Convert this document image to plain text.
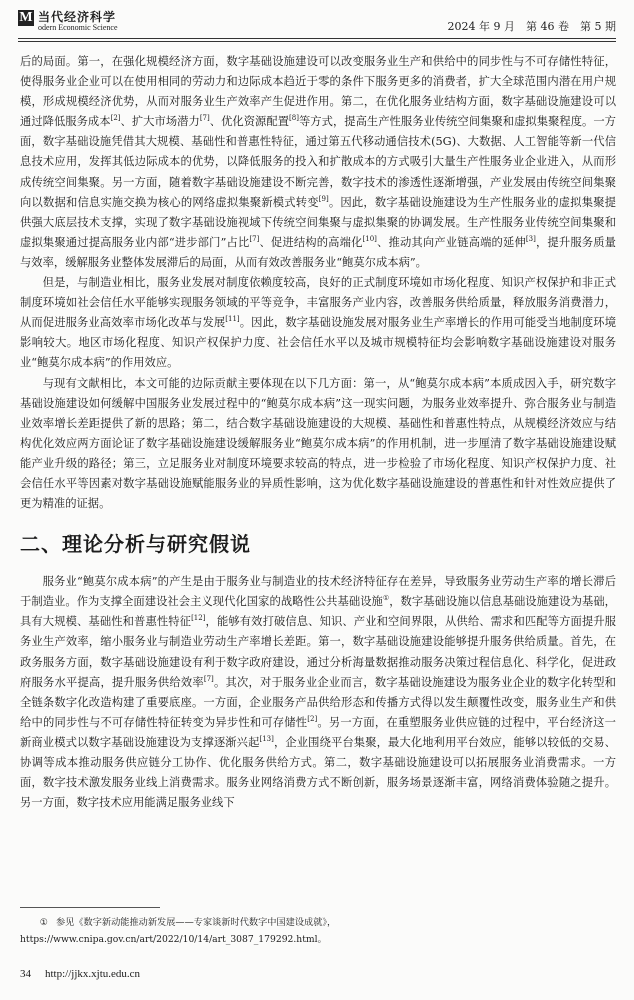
M 当代经济科学
odern Economic Science	2024 年 9 月　第 46 卷　第 5 期

后的局面。第一，在强化规模经济方面，数字基础设施建设可以改变服务业生产和供给中的同步性与不可存储性特征，使得服务业企业可以在使用相同的劳动力和边际成本趋近于零的条件下服务更多的消费者，扩大全球范围内潜在用户规模，形成规模经济优势，从而对服务业生产效率产生促进作用。第二，在优化服务业结构方面，数字基础设施建设可以通过降低服务成本[2]、扩大市场潜力[7]、优化资源配置[8]等方式，提高生产性服务业传统空间集聚和虚拟集聚程度。一方面，数字基础设施凭借其大规模、基础性和普惠性特征，通过第五代移动通信技术(5G)、大数据、人工智能等新一代信息技术应用，发挥其低边际成本的优势，以降低服务的投入和扩散成本的方式吸引大量生产性服务业企业进入，从而形成传统空间集聚。另一方面，随着数字基础设施建设不断完善，数字技术的渗透性逐渐增强，产业发展由传统空间集聚向以数据和信息实施交换为核心的网络虚拟集聚新模式转变[9]。因此，数字基础设施建设为生产性服务业的虚拟集聚提供强大底层技术支撑，实现了数字基础设施视域下传统空间集聚与虚拟集聚的协调发展。生产性服务业传统空间集聚和虚拟集聚通过提高服务业内部“进步部门”占比[7]、促进结构的高端化[10]、推动其向产业链高端的延伸[3]，提升服务质量与效率，缓解服务业整体发展滞后的局面，从而有效改善服务业“鲍莫尔成本病”。

但是，与制造业相比，服务业发展对制度依赖度较高，良好的正式制度环境如市场化程度、知识产权保护和非正式制度环境如社会信任水平能够实现服务领域的平等竞争，丰富服务产业内容，改善服务供给质量，释放服务消费潜力，从而促进服务业高效率市场化改革与发展[11]。因此，数字基础设施发展对服务业生产率增长的作用可能受当地制度环境影响较大。地区市场化程度、知识产权保护力度、社会信任水平以及城市规模特征均会影响数字基础设施建设对服务业“鲍莫尔成本病”的作用效应。

与现有文献相比，本文可能的边际贡献主要体现在以下几方面：第一，从“鲍莫尔成本病”本质成因入手，研究数字基础设施建设如何缓解中国服务业发展过程中的“鲍莫尔成本病”这一现实问题，为服务业效率提升、弥合服务业与制造业效率增长差距提供了新的思路；第二，结合数字基础设施建设的大规模、基础性和普惠性特点，从规模经济效应与结构优化效应两方面论证了数字基础设施建设缓解服务业“鲍莫尔成本病”的作用机制，进一步厘清了数字基础设施建设赋能产业升级的路径；第三，立足服务业对制度环境要求较高的特点，进一步检验了市场化程度、知识产权保护力度、社会信任水平等因素对数字基础设施赋能服务业的异质性影响，这为优化数字基础设施建设的普惠性和针对性效应提供了更为精准的证据。

二、理论分析与研究假说

服务业“鲍莫尔成本病”的产生是由于服务业与制造业的技术经济特征存在差异，导致服务业劳动生产率的增长滞后于制造业。作为支撑全面建设社会主义现代化国家的战略性公共基础设施①，数字基础设施以信息基础设施建设为基础，具有大规模、基础性和普惠性特征[12]，能够有效打破信息、知识、产业和空间界限，从供给、需求和匹配等方面提升服务业生产效率，缩小服务业与制造业劳动生产率增长差距。第一，数字基础设施建设能够提升服务供给质量。首先，在政务服务方面，数字基础设施建设有利于数字政府建设，通过分析海量数据推动服务决策过程信息化、科学化，促进政府服务水平提高，提升服务供给效率[7]。其次，对于服务业企业而言，数字基础设施建设为服务业企业的数字化转型和全链条数字化改造构建了重要底座。一方面，企业服务产品供给形态和传播方式得以发生颠覆性改变，服务业生产和供给中的同步性与不可存储性特征转变为异步性和可存储性[2]。另一方面，在重塑服务业供应链的过程中，平台经济这一新商业模式以数字基础设施建设为支撑逐渐兴起[13]，企业围绕平台集聚，最大化地利用平台效应，能够以较低的交易、协调等成本推动服务供应链分工协作、优化服务供给方式。第二，数字基础设施建设可以拓展服务业消费需求。一方面，数字技术激发服务业线上消费需求。服务业网络消费方式不断创新，服务场景逐渐丰富，网络消费体验随之提升。另一方面，数字技术应用能满足服务业线下

① 参见《数字新动能推动新发展——专家谈新时代数字中国建设成就》，https://www.cnipa.gov.cn/art/2022/10/14/art_3087_179292.html。
34 http://jjkx.xjtu.edu.cn
